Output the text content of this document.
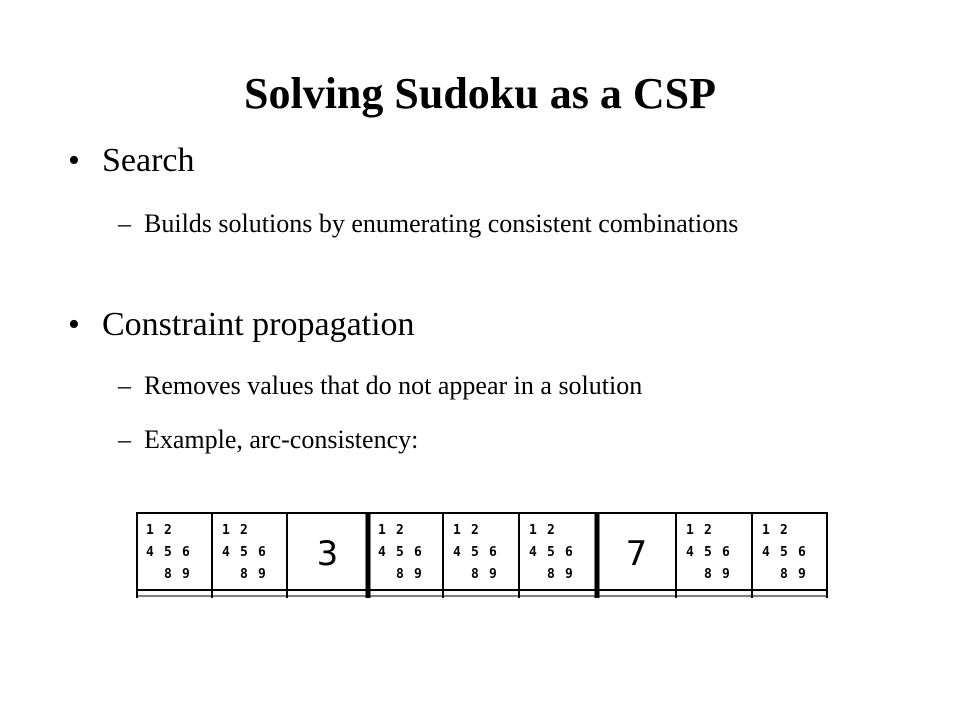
Solving Sudoku as a CSP
• Search
– Builds solutions by enumerating consistent combinations
• Constraint propagation
– Removes values that do not appear in a solution
– Example, arc-consistency:
1 2
4 5 6
8 9
1 2
4 5 6
8 9
3
1 2
4 5 6
8 9
1 2
4 5 6
8 9
1 2
4 5 6
8 9
7
1 2
4 5 6
8 9
1 2
4 5 6
8 9
